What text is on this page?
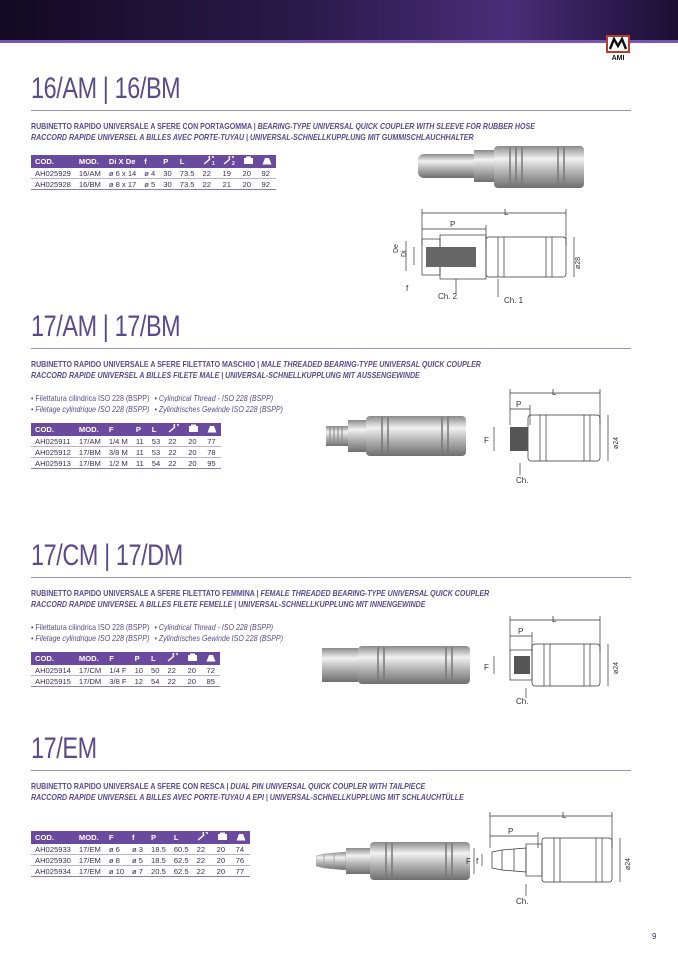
AMI
16/AM | 16/BM
RUBINETTO RAPIDO UNIVERSALE A SFERE CON PORTAGOMMA | BEARING-TYPE UNIVERSAL QUICK COUPLER WITH SLEEVE FOR RUBBER HOSE
RACCORD RAPIDE UNIVERSEL A BILLES AVEC PORTE-TUYAU | UNIVERSAL-SCHNELLKUPPLUNG MIT GUMMISCHLAUCHHALTER
COD.	MOD.	Di X De	f	P	L	1	2

AH025929	16/AM	ø 6 x 14	ø 4	30	73.5	22	19	20	92
AH025928	16/BM	ø 8 x 17	ø 5	30	73.5	22	21	20	92
L
P
De
Di
f
Ch. 2	Ch. 1
ø28
17/AM | 17/BM
RUBINETTO RAPIDO UNIVERSALE A SFERE FILETTATO MASCHIO | MALE THREADED BEARING-TYPE UNIVERSAL QUICK COUPLER
RACCORD RAPIDE UNIVERSEL A BILLES FILETE MALE | UNIVERSAL-SCHNELLKUPPLUNG MIT AUSSENGEWINDE
• Filettatura cilindrica ISO 228 (BSPP) • Cylindrical Thread - ISO 228 (BSPP)
• Filetage cylindrique ISO 228 (BSPP) • Zylindrisches Gewinde ISO 228 (BSPP)
COD.	MOD.	F	P	L			
AH025911	17/AM	1/4 M	11	53	22	20	77
AH025912	17/BM	3/8 M	11	53	22	20	78
AH025913	17/BM	1/2 M	11	54	22	20	95
L
P
F
Ch.
ø24
17/CM | 17/DM
RUBINETTO RAPIDO UNIVERSALE A SFERE FILETTATO FEMMINA | FEMALE THREADED BEARING-TYPE UNIVERSAL QUICK COUPLER
RACCORD RAPIDE UNIVERSEL A BILLES FILETE FEMELLE | UNIVERSAL-SCHNELLKUPPLUNG MIT INNENGEWINDE
• Filettatura cilindrica ISO 228 (BSPP) • Cylindrical Thread - ISO 228 (BSPP)
• Filetage cylindrique ISO 228 (BSPP) • Zylindrisches Gewinde ISO 228 (BSPP)
COD.	MOD.	F	P	L			
AH025914	17/CM	1/4 F	10	50	22	20	72
AH025915	17/DM	3/8 F	12	54	22	20	85
L
P
F
Ch.
ø24
17/EM
RUBINETTO RAPIDO UNIVERSALE A SFERE CON RESCA | DUAL PIN UNIVERSAL QUICK COUPLER WITH TAILPIECE
RACCORD RAPIDE UNIVERSEL A BILLES AVEC PORTE-TUYAU A EPI | UNIVERSAL-SCHNELLKUPPLUNG MIT SCHLAUCHTÜLLE
COD.	MOD.	F	f	P	L			
AH025933	17/EM	ø 6	ø 3	18.5	60.5	22	20	74
AH025930	17/EM	ø 8	ø 5	18.5	62.5	22	20	76
AH025934	17/EM	ø 10	ø 7	20.5	62.5	22	20	77
L
P
F f
Ch.
ø24
9
